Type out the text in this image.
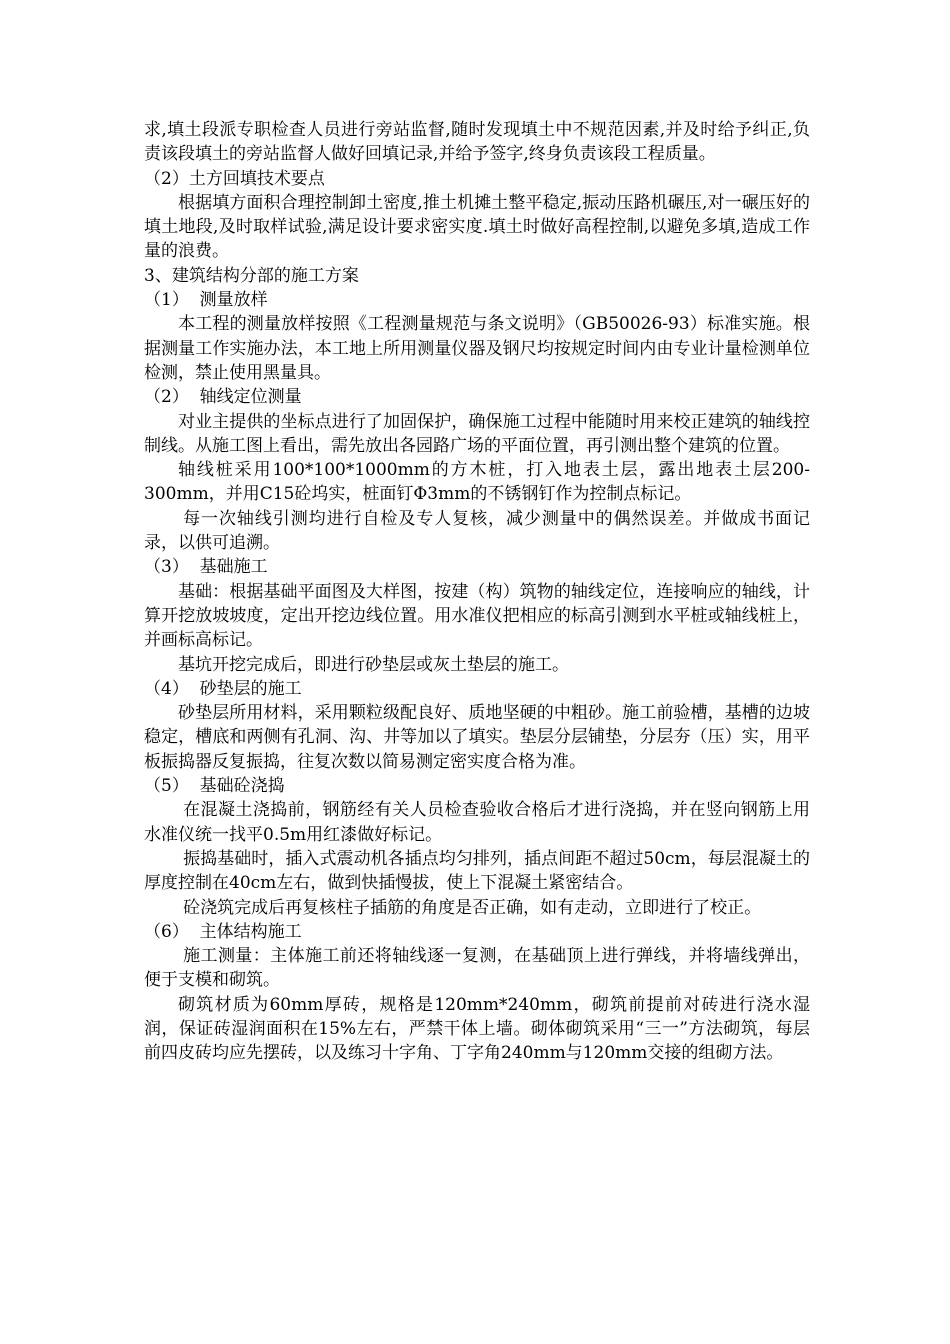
求,填土段派专职检查人员进行旁站监督,随时发现填土中不规范因素,并及时给予纠正,负责该段填土的旁站监督人做好回填记录,并给予签字,终身负责该段工程质量。

（2）土方回填技术要点

根据填方面积合理控制卸土密度,推土机摊土整平稳定,振动压路机碾压,对一碾压好的填土地段,及时取样试验,满足设计要求密实度.填土时做好高程控制,以避免多填,造成工作量的浪费。

3、建筑结构分部的施工方案

（1）  测量放样

本工程的测量放样按照《工程测量规范与条文说明》（GB50026-93）标准实施。根据测量工作实施办法，本工地上所用测量仪器及钢尺均按规定时间内由专业计量检测单位检测，禁止使用黑量具。

（2）  轴线定位测量

对业主提供的坐标点进行了加固保护，确保施工过程中能随时用来校正建筑的轴线控制线。从施工图上看出，需先放出各园路广场的平面位置，再引测出整个建筑的位置。

轴线桩采用100*100*1000mm的方木桩，打入地表土层，露出地表土层200-300mm，并用C15砼坞实，桩面钉Φ3mm的不锈钢钉作为控制点标记。

每一次轴线引测均进行自检及专人复核，减少测量中的偶然误差。并做成书面记录，以供可追溯。

（3）  基础施工

基础：根据基础平面图及大样图，按建（构）筑物的轴线定位，连接响应的轴线，计算开挖放坡坡度，定出开挖边线位置。用水准仪把相应的标高引测到水平桩或轴线桩上，并画标高标记。

基坑开挖完成后，即进行砂垫层或灰土垫层的施工。

（4）  砂垫层的施工

砂垫层所用材料，采用颗粒级配良好、质地坚硬的中粗砂。施工前验槽，基槽的边坡稳定，槽底和两侧有孔洞、沟、井等加以了填实。垫层分层铺垫，分层夯（压）实，用平板振捣器反复振捣，往复次数以简易测定密实度合格为准。

（5）  基础砼浇捣

在混凝土浇捣前，钢筋经有关人员检查验收合格后才进行浇捣，并在竖向钢筋上用水准仪统一找平0.5m用红漆做好标记。

振捣基础时，插入式震动机各插点均匀排列，插点间距不超过50cm，每层混凝土的厚度控制在40cm左右，做到快插慢拔，使上下混凝土紧密结合。

砼浇筑完成后再复核柱子插筋的角度是否正确，如有走动，立即进行了校正。

（6）  主体结构施工

施工测量：主体施工前还将轴线逐一复测，在基础顶上进行弹线，并将墙线弹出，便于支模和砌筑。

砌筑材质为60mm厚砖，规格是120mm*240mm，砌筑前提前对砖进行浇水湿润，保证砖湿润面积在15%左右，严禁干体上墙。砌体砌筑采用“三一”方法砌筑，每层前四皮砖均应先摆砖，以及练习十字角、丁字角240mm与120mm交接的组砌方法。
